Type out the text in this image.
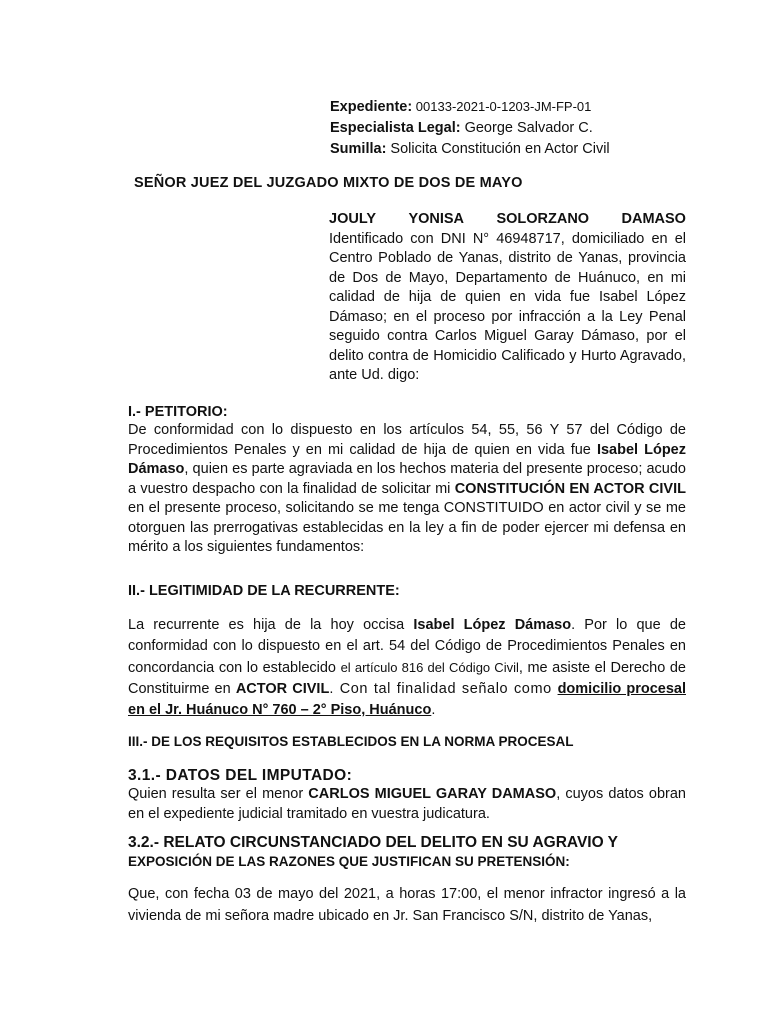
Expediente: 00133-2021-0-1203-JM-FP-01
Especialista Legal: George Salvador C.
Sumilla: Solicita Constitución en Actor Civil
SEÑOR JUEZ DEL JUZGADO MIXTO DE DOS DE MAYO
JOULY YONISA SOLORZANO DAMASO
Identificado con DNI N° 46948717, domiciliado en el Centro Poblado de Yanas, distrito de Yanas, provincia de Dos de Mayo, Departamento de Huánuco, en mi calidad de hija de quien en vida fue Isabel López Dámaso; en el proceso por infracción a la Ley Penal seguido contra Carlos Miguel Garay Dámaso, por el delito contra de Homicidio Calificado y Hurto Agravado, ante Ud. digo:
I.- PETITORIO:
De conformidad con lo dispuesto en los artículos 54, 55, 56 Y 57 del Código de Procedimientos Penales y en mi calidad de hija de quien en vida fue Isabel López Dámaso, quien es parte agraviada en los hechos materia del presente proceso; acudo a vuestro despacho con la finalidad de solicitar mi CONSTITUCIÓN EN ACTOR CIVIL en el presente proceso, solicitando se me tenga CONSTITUIDO en actor civil y se me otorguen las prerrogativas establecidas en la ley a fin de poder ejercer mi defensa en mérito a los siguientes fundamentos:
II.- LEGITIMIDAD DE LA RECURRENTE:
La recurrente es hija de la hoy occisa Isabel López Dámaso. Por lo que de conformidad con lo dispuesto en el art. 54 del Código de Procedimientos Penales en concordancia con lo establecido el artículo 816 del Código Civil, me asiste el Derecho de Constituirme en ACTOR CIVIL. Con tal finalidad señalo como domicilio procesal en el Jr. Huánuco N° 760 – 2° Piso, Huánuco.
III.- DE LOS REQUISITOS ESTABLECIDOS EN LA NORMA PROCESAL
3.1.- DATOS DEL IMPUTADO:
Quien resulta ser el menor CARLOS MIGUEL GARAY DAMASO, cuyos datos obran en el expediente judicial tramitado en vuestra judicatura.
3.2.- RELATO CIRCUNSTANCIADO DEL DELITO EN SU AGRAVIO Y
EXPOSICIÓN DE LAS RAZONES QUE JUSTIFICAN SU PRETENSIÓN:
Que, con fecha 03 de mayo del 2021, a horas 17:00, el menor infractor ingresó a la vivienda de mi señora madre ubicado en Jr. San Francisco S/N, distrito de Yanas,
